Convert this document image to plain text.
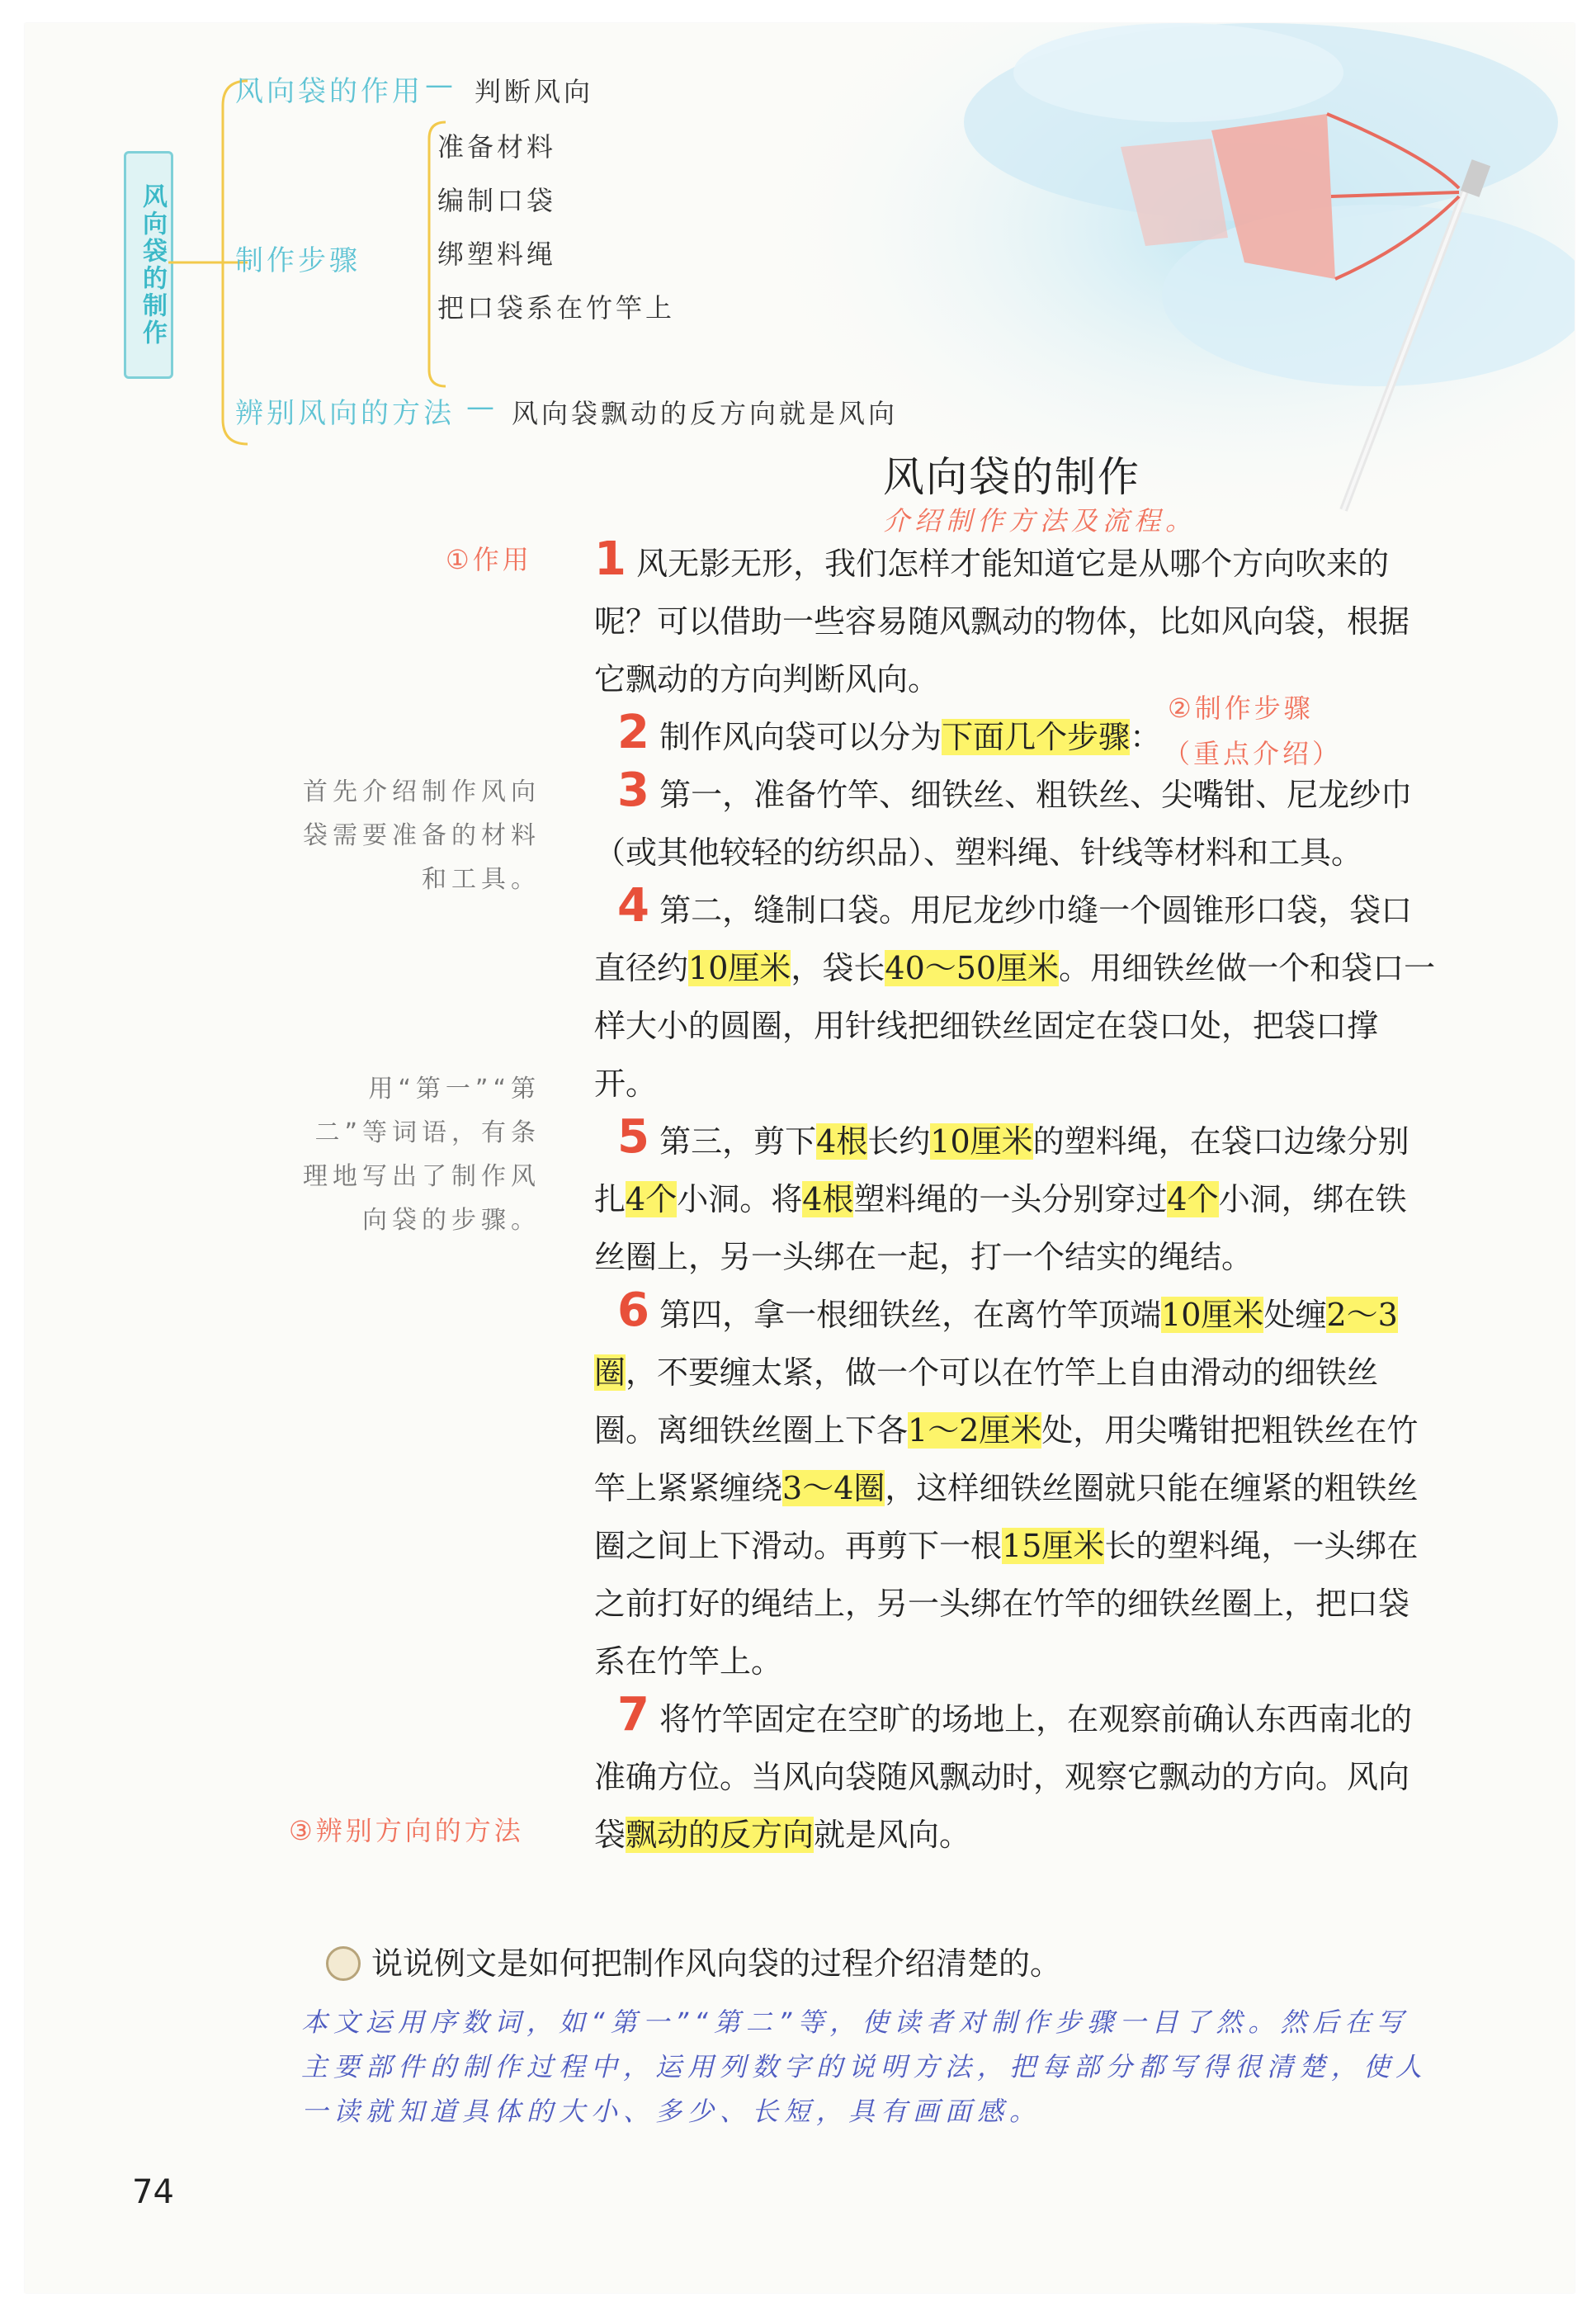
风向袋的制作
风向袋的作用 — 判断风向
制作步骤
准备材料
编制口袋
绑塑料绳
把口袋系在竹竿上
辨别风向的方法 — 风向袋飘动的反方向就是风向
风向袋的制作
介绍制作方法及流程。
①作用
②制作步骤
（重点介绍）
③辨别方向的方法
首先介绍制作风向袋需要准备的材料和工具。
用“第一”“第二”等词语，有条理地写出了制作风向袋的步骤。
1 风无影无形，我们怎样才能知道它是从哪个方向吹来的呢？可以借助一些容易随风飘动的物体，比如风向袋，根据它飘动的方向判断风向。
2 制作风向袋可以分为下面几个步骤：
3 第一，准备竹竿、细铁丝、粗铁丝、尖嘴钳、尼龙纱巾（或其他较轻的纺织品）、塑料绳、针线等材料和工具。
4 第二，缝制口袋。用尼龙纱巾缝一个圆锥形口袋，袋口直径约10厘米，袋长40～50厘米。用细铁丝做一个和袋口一样大小的圆圈，用针线把细铁丝固定在袋口处，把袋口撑开。
5 第三，剪下4根长约10厘米的塑料绳，在袋口边缘分别扎4个小洞。将4根塑料绳的一头分别穿过4个小洞，绑在铁丝圈上，另一头绑在一起，打一个结实的绳结。
6 第四，拿一根细铁丝，在离竹竿顶端10厘米处缠2～3圈，不要缠太紧，做一个可以在竹竿上自由滑动的细铁丝圈。离细铁丝圈上下各1～2厘米处，用尖嘴钳把粗铁丝在竹竿上紧紧缠绕3～4圈，这样细铁丝圈就只能在缠紧的粗铁丝圈之间上下滑动。再剪下一根15厘米长的塑料绳，一头绑在之前打好的绳结上，另一头绑在竹竿的细铁丝圈上，把口袋系在竹竿上。
7 将竹竿固定在空旷的场地上，在观察前确认东西南北的准确方位。当风向袋随风飘动时，观察它飘动的方向。风向袋飘动的反方向就是风向。
说说例文是如何把制作风向袋的过程介绍清楚的。
本文运用序数词，如“第一”“第二”等，使读者对制作步骤一目了然。然后在写主要部件的制作过程中，运用列数字的说明方法，把每部分都写得很清楚，使人一读就知道具体的大小、多少、长短，具有画面感。
74
